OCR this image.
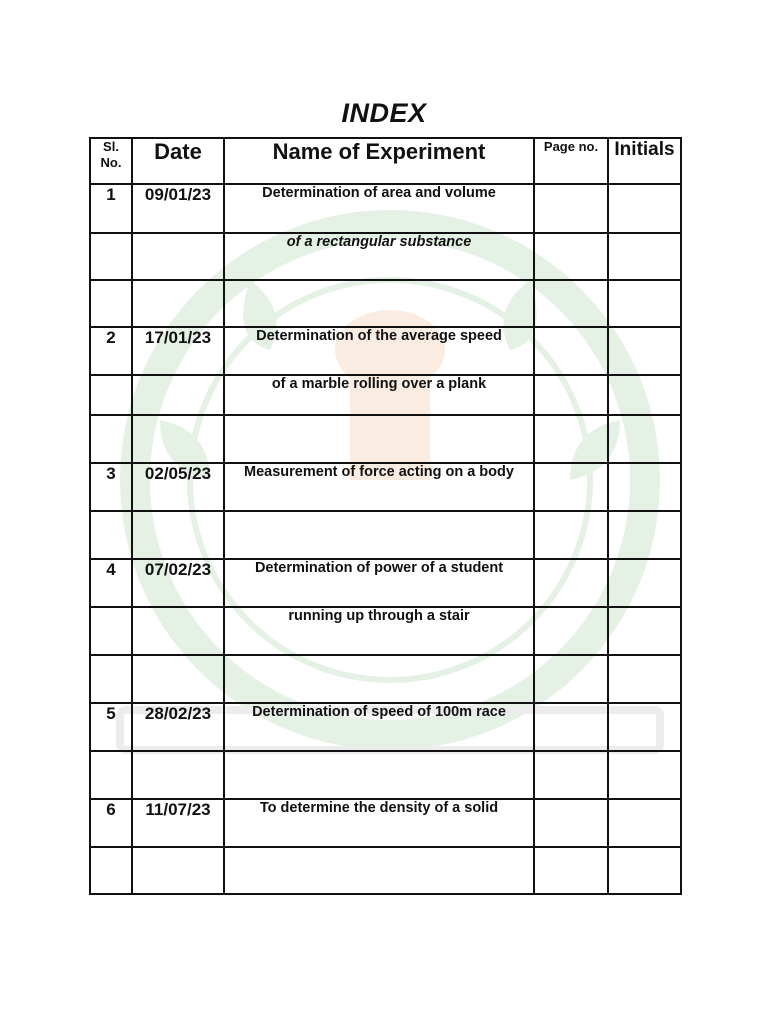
INDEX
Sl.
No.	Date	Name of Experiment	Page no.	Initials
1	09/01/23	Determination of area and volume		
		of a rectangular substance		

2	17/01/23	Determination of the average speed		
		of a marble rolling over a plank		

3	02/05/23	Measurement of force acting on a body		

4	07/02/23	Determination of power of a student		
		running up through a stair		

5	28/02/23	Determination of speed of 100m race		

6	11/07/23	To determine the density of a solid		
